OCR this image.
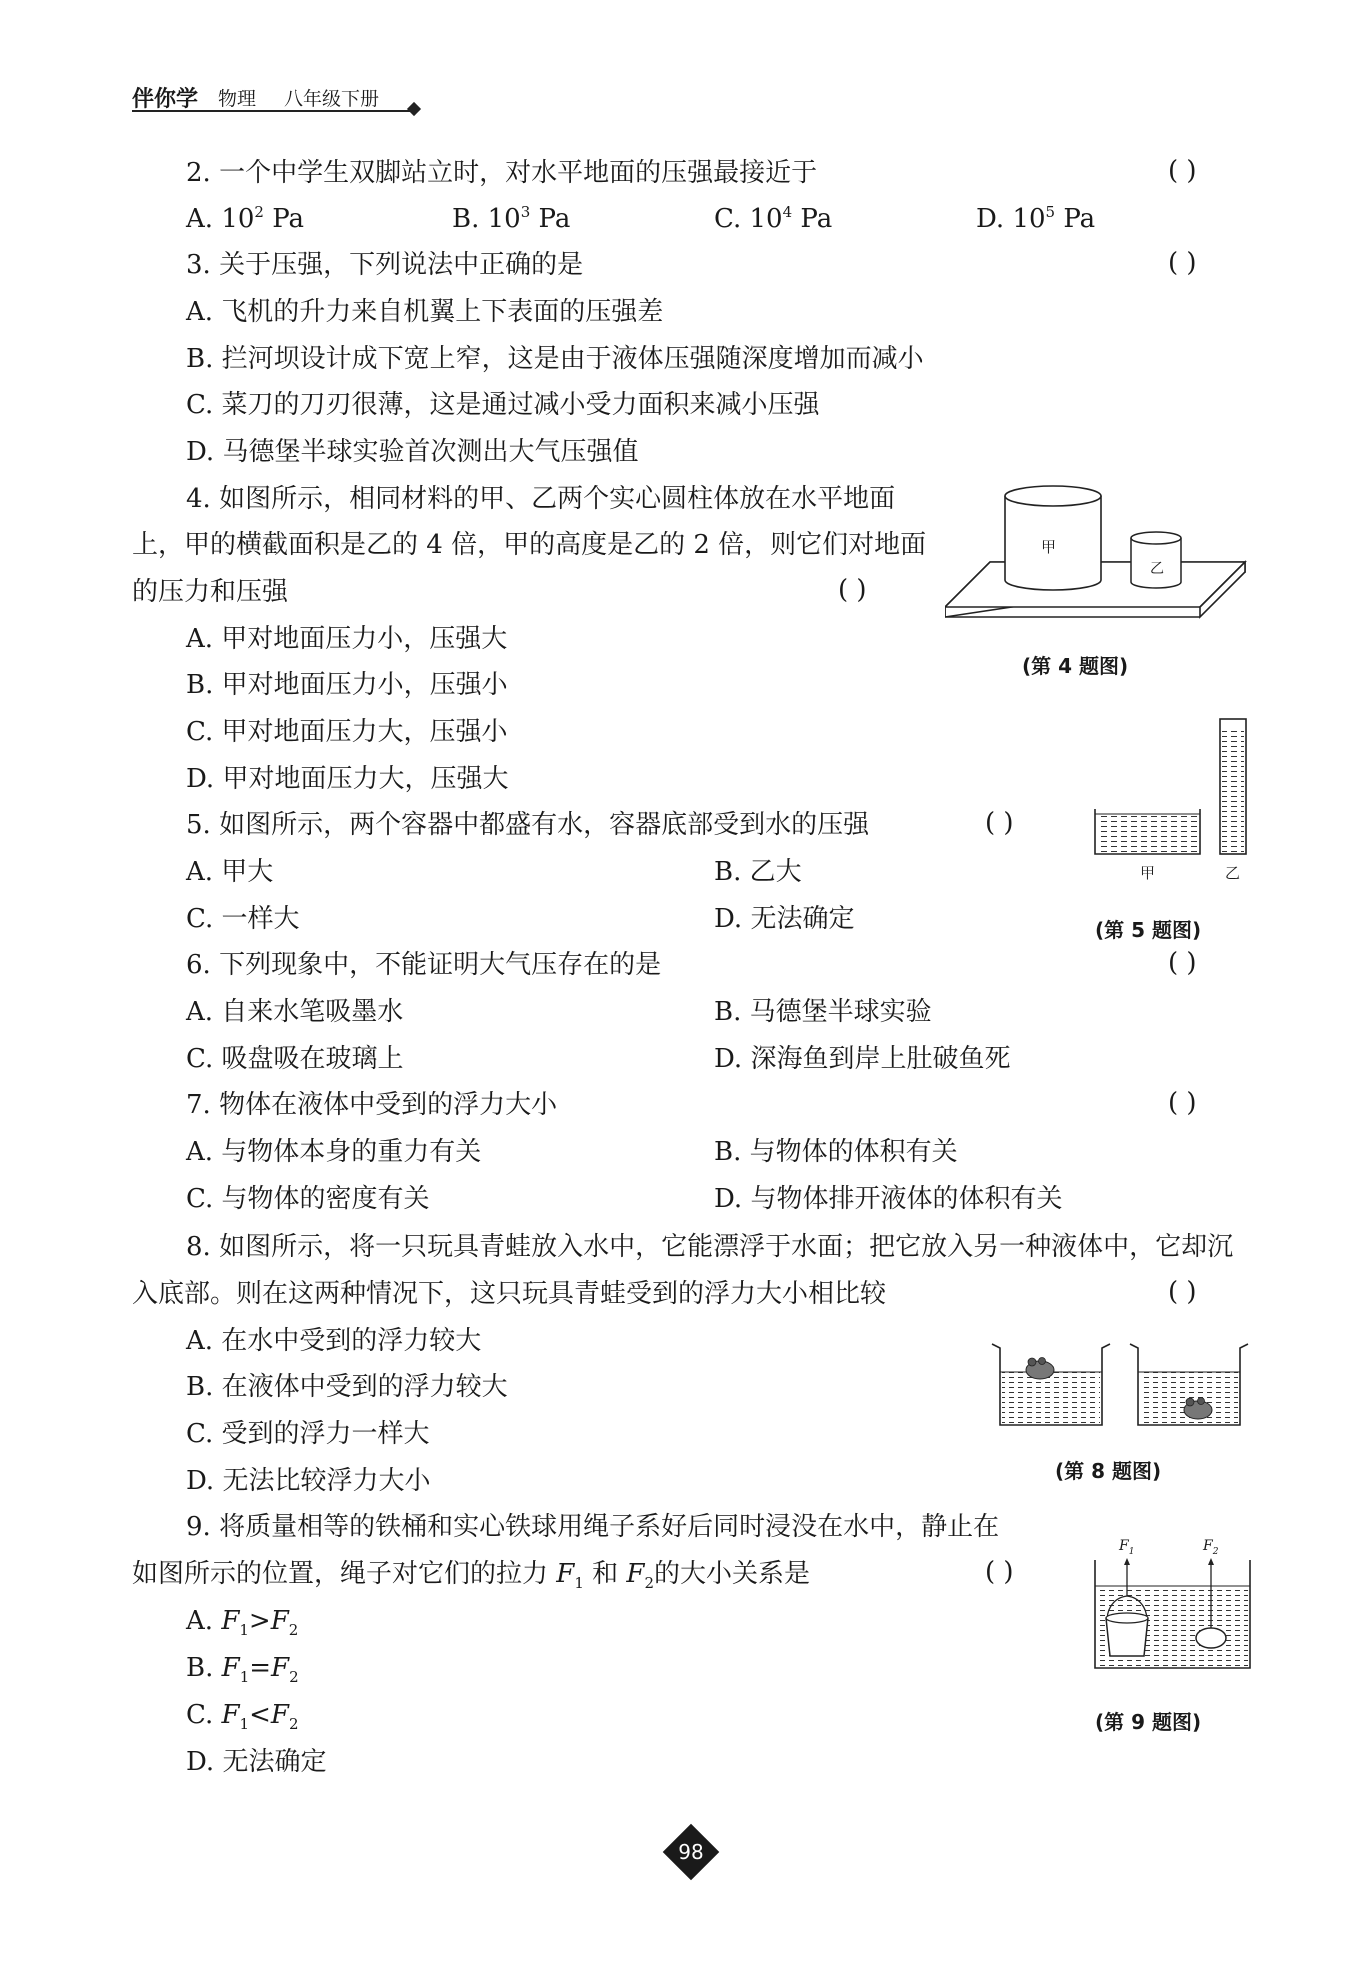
伴你学 物理 八年级下册
2. 一个中学生双脚站立时，对水平地面的压强最接近于	( )
A. $10^2$ Pa	B. $10^3$ Pa	C. $10^4$ Pa	D. $10^5$ Pa
3. 关于压强，下列说法中正确的是	( )
A. 飞机的升力来自机翼上下表面的压强差
B. 拦河坝设计成下宽上窄，这是由于液体压强随深度增加而减小
C. 菜刀的刀刃很薄，这是通过减小受力面积来减小压强
D. 马德堡半球实验首次测出大气压强值
4. 如图所示，相同材料的甲、乙两个实心圆柱体放在水平地面
上，甲的横截面积是乙的 4 倍，甲的高度是乙的 2 倍，则它们对地面
的压力和压强	( )
A. 甲对地面压力小，压强大
B. 甲对地面压力小，压强小
C. 甲对地面压力大，压强小
D. 甲对地面压力大，压强大
甲
乙
(第 4 题图)
5. 如图所示，两个容器中都盛有水，容器底部受到水的压强	( )
A. 甲大	B. 乙大
C. 一样大	D. 无法确定
甲	乙
(第 5 题图)
6. 下列现象中，不能证明大气压存在的是	( )
A. 自来水笔吸墨水	B. 马德堡半球实验
C. 吸盘吸在玻璃上	D. 深海鱼到岸上肚破鱼死
7. 物体在液体中受到的浮力大小	( )
A. 与物体本身的重力有关	B. 与物体的体积有关
C. 与物体的密度有关	D. 与物体排开液体的体积有关
8. 如图所示，将一只玩具青蛙放入水中，它能漂浮于水面；把它放入另一种液体中，它却沉
入底部。则在这两种情况下，这只玩具青蛙受到的浮力大小相比较	( )
A. 在水中受到的浮力较大
B. 在液体中受到的浮力较大
C. 受到的浮力一样大
D. 无法比较浮力大小	(第 8 题图)
9. 将质量相等的铁桶和实心铁球用绳子系好后同时浸没在水中，静止在
如图所示的位置，绳子对它们的拉力 $F_1$ 和 $F_2$的大小关系是	( )
A. $F_1>F_2$
B. $F_1=F_2$
C. $F_1<F_2$
D. 无法确定
$F_1$	$F_2$
(第 9 题图)
98
